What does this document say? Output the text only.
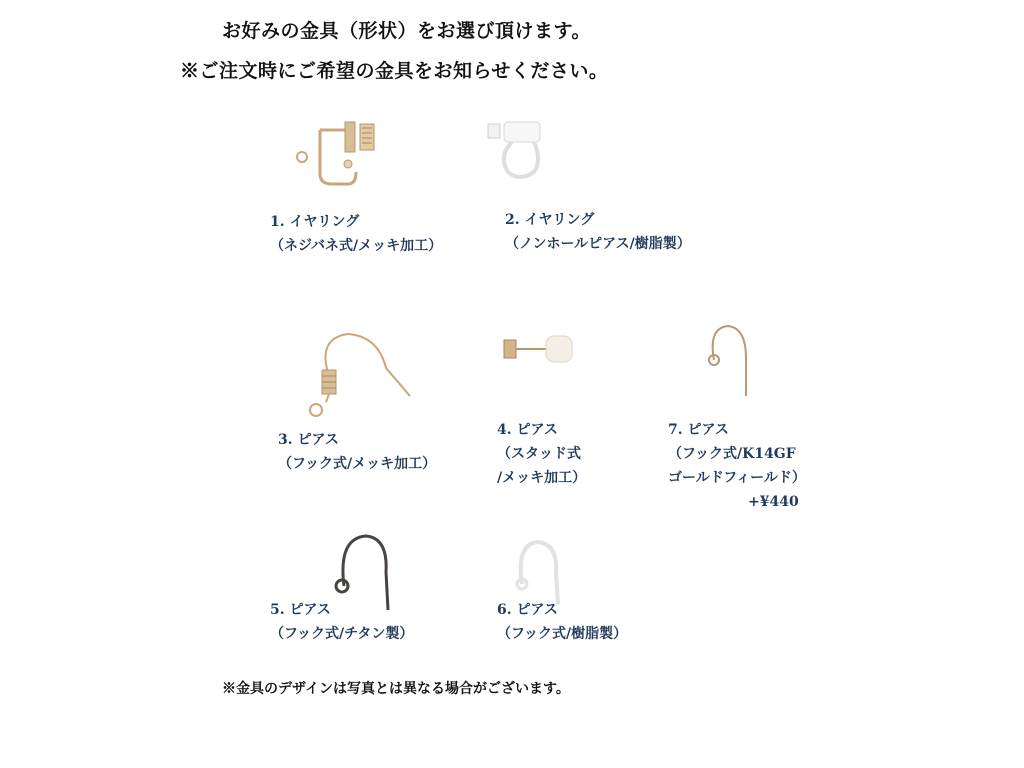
お好みの金具（形状）をお選び頂けます。
※ご注文時にご希望の金具をお知らせください。
1. イヤリング
（ネジバネ式/メッキ加工）
2. イヤリング
（ノンホールピアス/樹脂製）
3. ピアス
（フック式/メッキ加工）
4. ピアス
（スタッド式
/メッキ加工）
7. ピアス
（フック式/K14GF
ゴールドフィールド）
+¥440
5. ピアス
（フック式/チタン製）
6. ピアス
（フック式/樹脂製）
※金具のデザインは写真とは異なる場合がございます。
